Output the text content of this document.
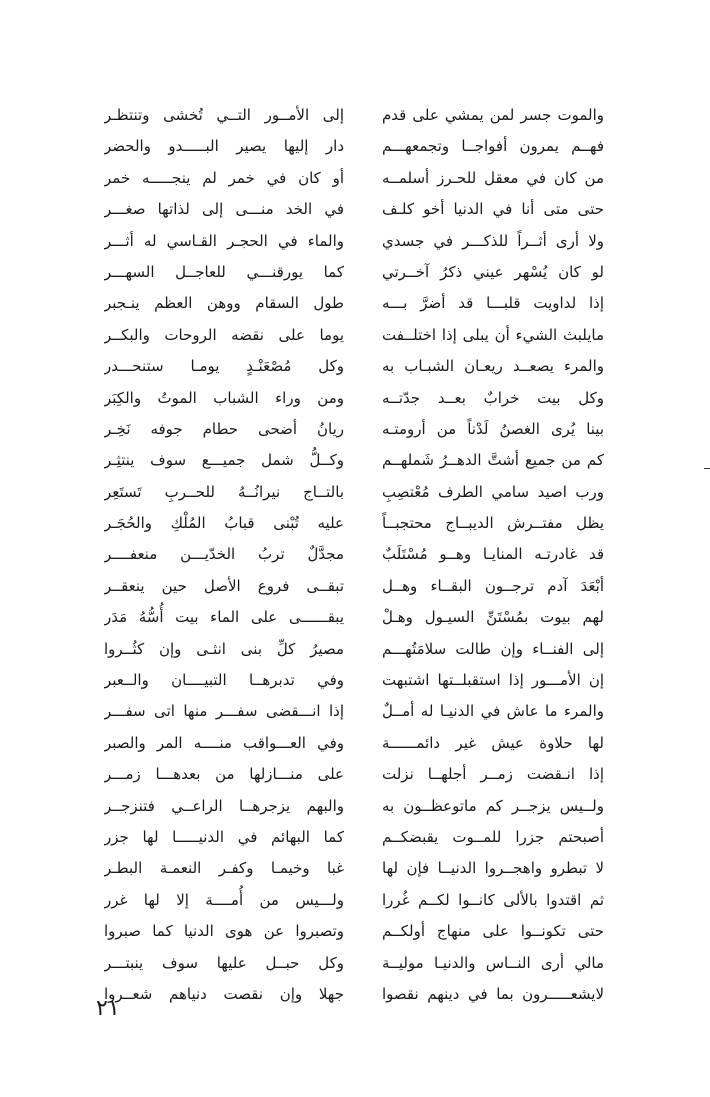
والموت جسر لمن يمشي على قدم
فهــم يمرون أفواجــا وتجمعهـــم
من كان في معقل للحـرز أسلمــه
حتى متى أنا في الدنيا أخو كلـف
ولا أرى أثــراً للذكـــر في جسدي
لو كان يُسْهر عيني ذكرُ آخــرتي
إذا لداويت قلبـــا قد أضرَّ بـــه
مايلبث الشيء أن يبلى إذا اختلــفت
والمرء يصعــد ريعـان الشبـاب به
وكل بيت خرابٌ بعــد جدّتــه
بينا يُرى الغصنُ لَدْناً من أرومتـه
كم من جميع أشتَّ الدهــرُ شَملهــم
ورب اصيد سامي الطرف مُعْتصِبِ
يظل مفتــرش الديبــاج محتجبــاً
قد غادرتـه المنايـا وهــو مُسْتَلَبٌ
أبْعَدَ آدم ترجــون البقــاء وهــل
لهم بيوت بمُسْتَنِّ السيـول وهـلْ
إلى الفنــاء وإن طالت سلامَتُهـــم
إن الأمـــور إذا استقبلــتها اشتبهت
والمرء ما عاش في الدنيـا له أمــلٌ
لها حلاوة عيش غير دائمــــــة
إذا انـقضت زمــر أجلهــا نزلت
ولــيس يزجــر كم ماتوعظــون به
أصبحتم جزرا للمــوت يقبضكــم
لا تبطرو واهجــروا الدنيــا فإن لها
ثم اقتدوا بالألى كانــوا لكــم غُررا
حتى تكونــوا على منهاج أولكــم
مالي أرى النــاس والدنيـا موليــة
لايشعـــــرون بما في دينهم نقصوا
إلى الأمــور التــي تُخشى وتنتظـر
دار إليها يصير البـــــدو والحضر
أو كان في خمر لم ينجـــــه خمر
في الخد منـــى إلى لذاتها صغـــر
والماء في الحجـر القـاسي له أثـــر
كما يورقنـــي للعاجــل السهـــر
طول السقام ووهن العظم ينـجبر
يوما على نقضه الروحات والبكــر
وكل مُصْعَنْـدٍ يومـا ستنحـــدر
ومن وراء الشباب الموتُ والكِبَر
ريانُ أضحى حطام جوفه نَخِـر
وكــلُّ شمل جميـــع سوف ينتثِـر
بالتــاج نيرانُــهُ للحــربِ تَستَعِر
عليه تُبْنى قبابُ المُلْكِ والحُجَـر
مجدَّلٌ تربُ الخدّيـــن منعفــــر
تبقــى فروع الأصل حين ينعقــر
يبقــــــى على الماء بيت أُسُّهُ مَدَر
مصيرُ كلِّ بنى انثـى وإن كثُــروا
وفي تدبرهــا التبيــــان والــعبر
إذا انـــقضى سفـــر منها اتى سفـــر
وفي العـــواقب منــــه المر والصبر
على منـــازلها من بعدهـــا زمـــر
والبهم يزجرهــا الراعــي فتنزجــر
كما البهائم في الدنيـــــا لها جزر
غبا وخيمـا وكفـر النعمـة البطـر
ولـــيس من أُمــــة إلا لها غرر
وتصبروا عن هوى الدنيا كما صبروا
وكل حبــل عليها سوف ينبتـــر
جهلا وإن نقصت دنياهم شعــروا
٢١
